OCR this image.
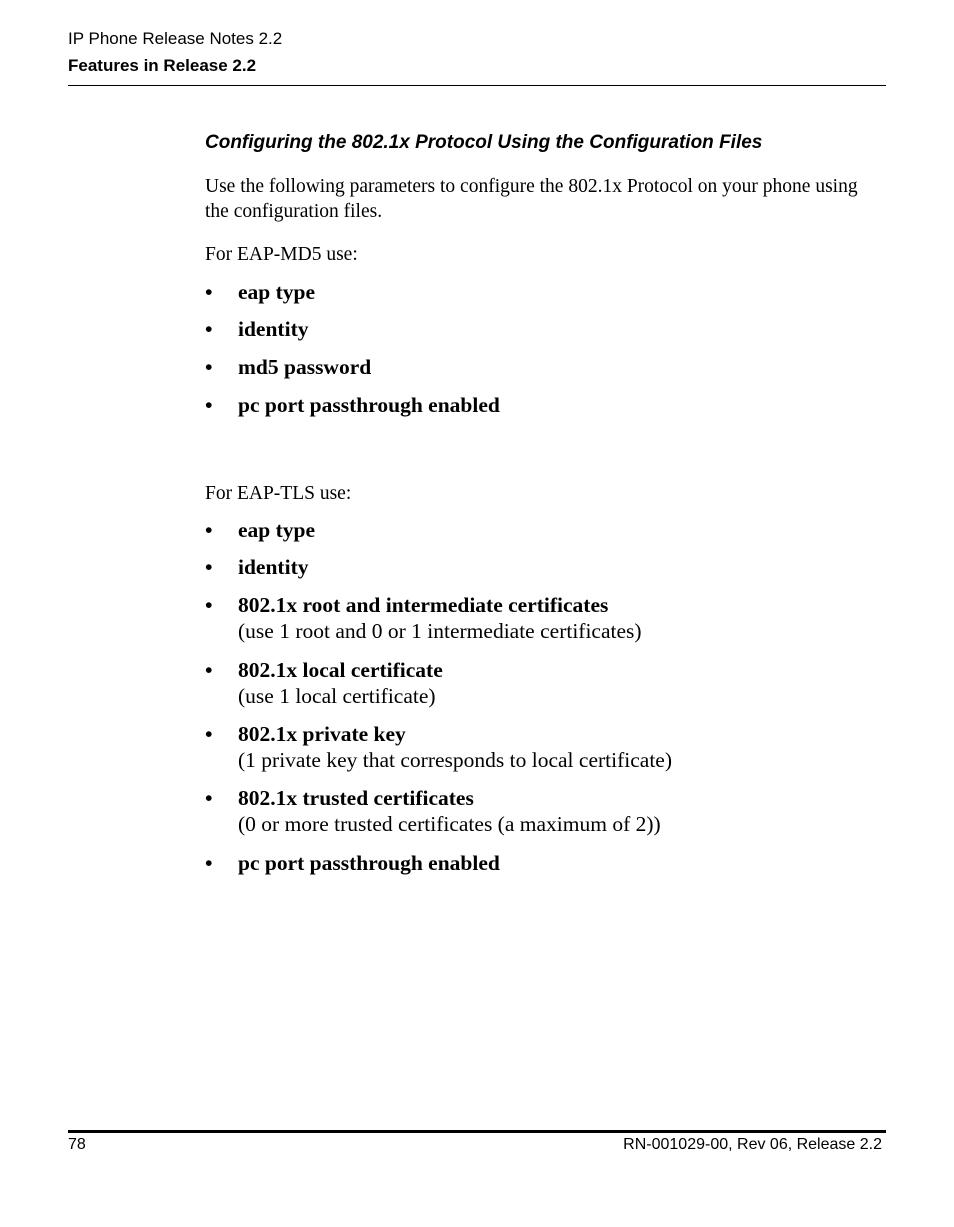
IP Phone Release Notes 2.2
Features in Release 2.2
Configuring the 802.1x Protocol Using the Configuration Files
Use the following parameters to configure the 802.1x Protocol on your phone using the configuration files.
For EAP-MD5 use:
• eap type
• identity
• md5 password
• pc port passthrough enabled
For EAP-TLS use:
• eap type
• identity
• 802.1x root and intermediate certificates
(use 1 root and 0 or 1 intermediate certificates)
• 802.1x local certificate
(use 1 local certificate)
• 802.1x private key
(1 private key that corresponds to local certificate)
• 802.1x trusted certificates
(0 or more trusted certificates (a maximum of 2))
• pc port passthrough enabled
78	RN-001029-00, Rev 06, Release 2.2
